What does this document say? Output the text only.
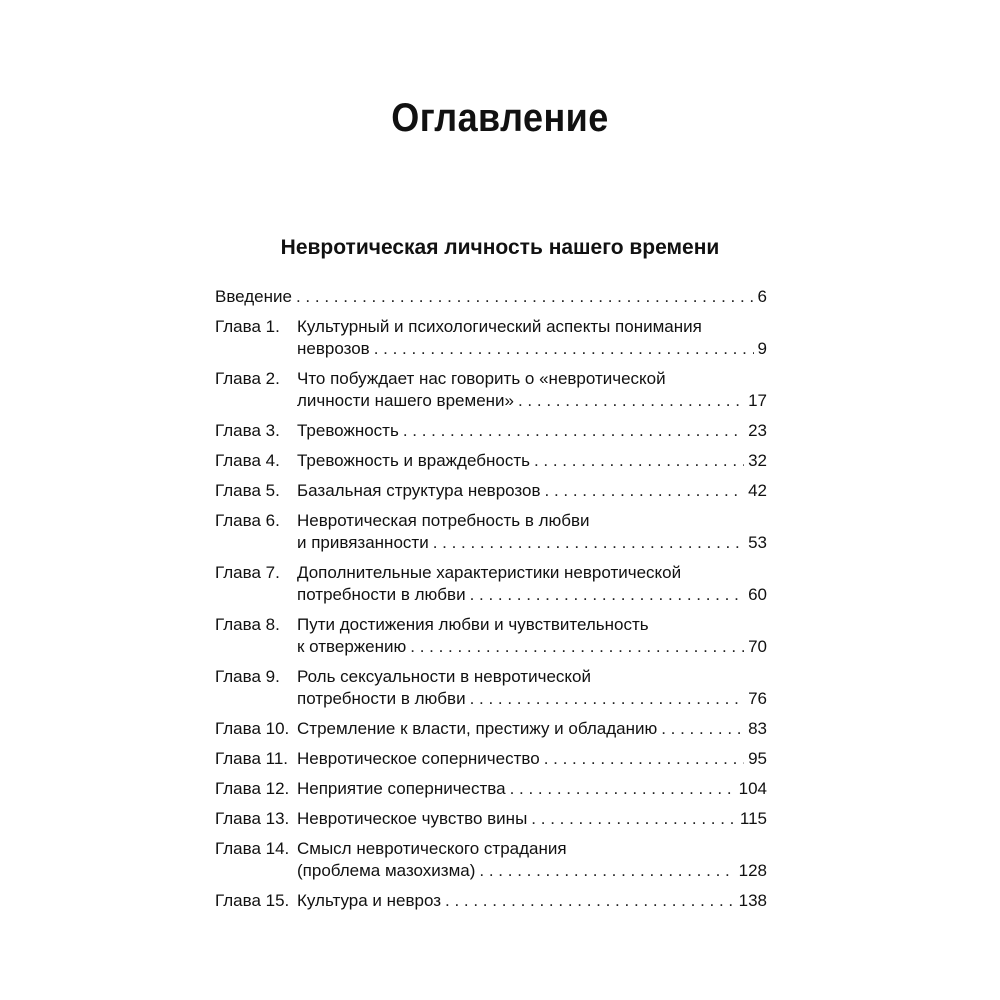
Оглавление
Невротическая личность нашего времени
Введение . . .	6
Глава 1. Культурный и психологический аспекты понимания
неврозов . . .	9
Глава 2. Что побуждает нас говорить о «невротической
личности нашего времени» . . .	17
Глава 3. Тревожность . . .	23
Глава 4. Тревожность и враждебность . . .	32
Глава 5. Базальная структура неврозов . . .	42
Глава 6. Невротическая потребность в любви
и привязанности . . .	53
Глава 7. Дополнительные характеристики невротической
потребности в любви . . .	60
Глава 8. Пути достижения любви и чувствительность
к отвержению . . .	70
Глава 9. Роль сексуальности в невротической
потребности в любви . . .	76
Глава 10. Стремление к власти, престижу и обладанию . . .	83
Глава 11. Невротическое соперничество . . .	95
Глава 12. Неприятие соперничества . . .	104
Глава 13. Невротическое чувство вины . . .	115
Глава 14. Смысл невротического страдания
(проблема мазохизма) . . .	128
Глава 15. Культура и невроз . . .	138
